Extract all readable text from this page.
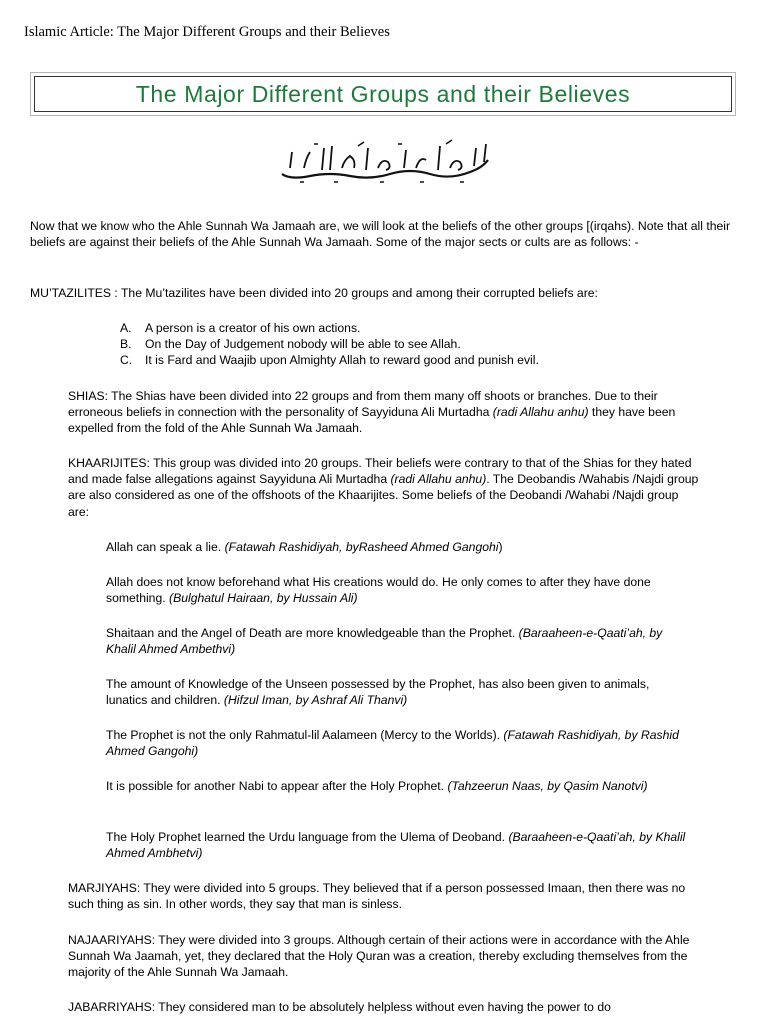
Islamic Article: The Major Different Groups and their Believes
The Major Different Groups and their Believes

Now that we know who the Ahle Sunnah Wa Jamaah are, we will look at the beliefs of the other groups [(irqahs). Note that all their beliefs are against their beliefs of the Ahle Sunnah Wa Jamaah. Some of the major sects or cults are as follows: -

MU’TAZILITES : The Mu’tazilites have been divided into 20 groups and among their corrupted beliefs are:

A. A person is a creator of his own actions.
B. On the Day of Judgement nobody will be able to see Allah.
C. It is Fard and Waajib upon Almighty Allah to reward good and punish evil.

SHIAS: The Shias have been divided into 22 groups and from them many off shoots or branches. Due to their erroneous beliefs in connection with the personality of Sayyiduna Ali Murtadha (radi Allahu anhu) they have been expelled from the fold of the Ahle Sunnah Wa Jamaah.

KHAARIJITES: This group was divided into 20 groups. Their beliefs were contrary to that of the Shias for they hated and made false allegations against Sayyiduna Ali Murtadha (radi Allahu anhu). The Deobandis /Wahabis /Najdi group are also considered as one of the offshoots of the Khaarijites. Some beliefs of the Deobandi /Wahabi /Najdi group are:

Allah can speak a lie. (Fatawah Rashidiyah, byRasheed Ahmed Gangohi)

Allah does not know beforehand what His creations would do. He only comes to after they have done something. (Bulghatul Hairaan, by Hussain Ali)

Shaitaan and the Angel of Death are more knowledgeable than the Prophet. (Baraaheen-e-Qaati’ah, by Khalil Ahmed Ambethvi)

The amount of Knowledge of the Unseen possessed by the Prophet, has also been given to animals, lunatics and children. (Hifzul Iman, by Ashraf Ali Thanvi)

The Prophet is not the only Rahmatul-lil Aalameen (Mercy to the Worlds). (Fatawah Rashidiyah, by Rashid Ahmed Gangohi)

It is possible for another Nabi to appear after the Holy Prophet. (Tahzeerun Naas, by Qasim Nanotvi)

The Holy Prophet learned the Urdu language from the Ulema of Deoband. (Baraaheen-e-Qaati’ah, by Khalil Ahmed Ambhetvi)

MARJIYAHS: They were divided into 5 groups. They believed that if a person possessed Imaan, then there was no such thing as sin. In other words, they say that man is sinless.

NAJAARIYAHS: They were divided into 3 groups. Although certain of their actions were in accordance with the Ahle Sunnah Wa Jaamah, yet, they declared that the Holy Quran was a creation, thereby excluding themselves from the majority of the Ahle Sunnah Wa Jamaah.

JABARRIYAHS: They considered man to be absolutely helpless without even having the power to do
